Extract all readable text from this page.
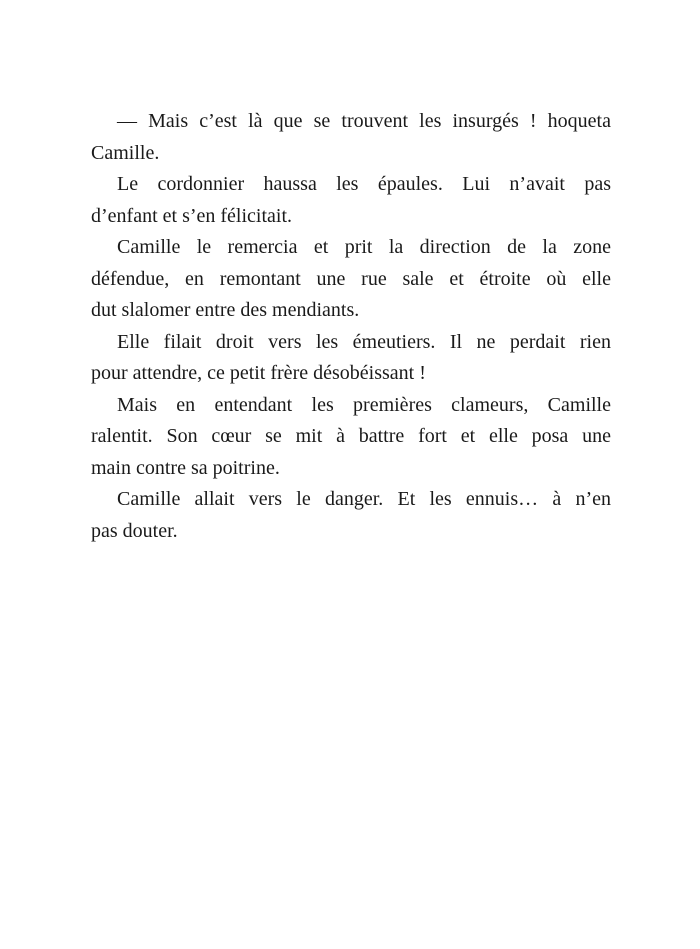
— Mais c’est là que se trouvent les insurgés ! hoqueta
Camille.
Le cordonnier haussa les épaules. Lui n’avait pas
d’enfant et s’en félicitait.
Camille le remercia et prit la direction de la zone
défendue, en remontant une rue sale et étroite où elle
dut slalomer entre des mendiants.
Elle filait droit vers les émeutiers. Il ne perdait rien
pour attendre, ce petit frère désobéissant !
Mais en entendant les premières clameurs, Camille
ralentit. Son cœur se mit à battre fort et elle posa une
main contre sa poitrine.
Camille allait vers le danger. Et les ennuis… à n’en
pas douter.
